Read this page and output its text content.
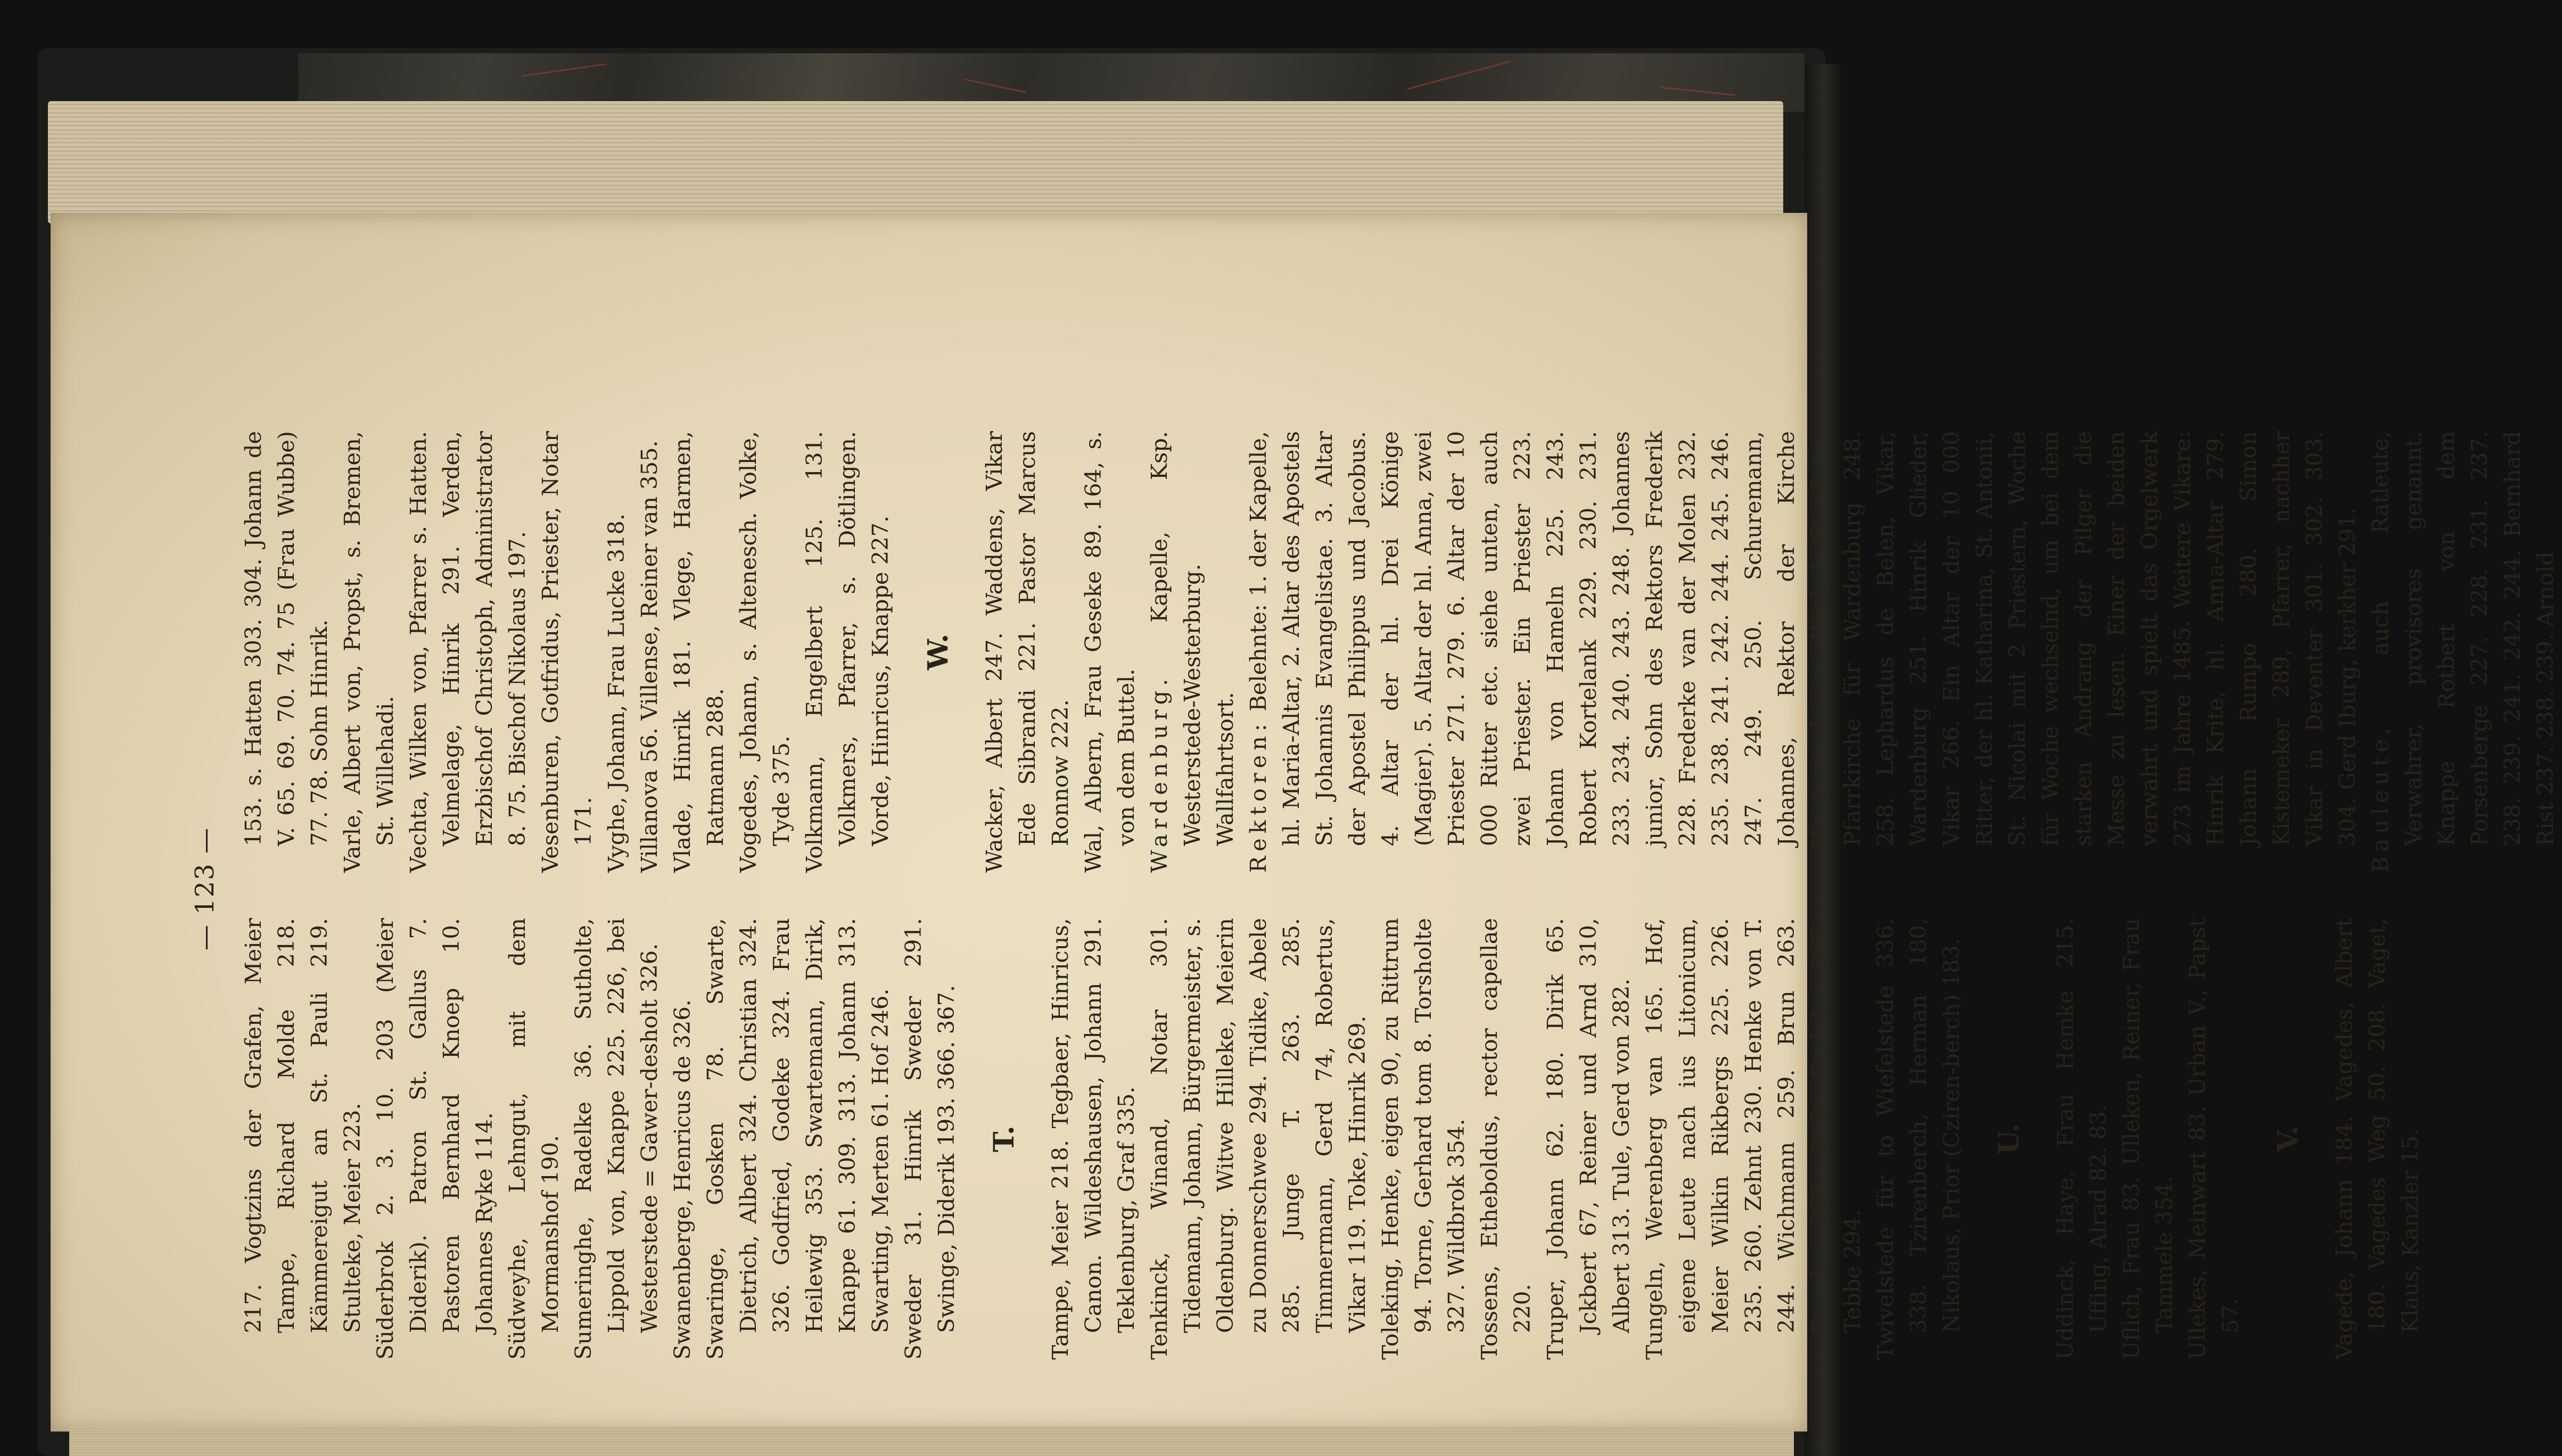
— 123 —

217. Vogtzins der Grafen, Meier Tampe, Richard Molde 218. Kämmereigut an St. Pauli 219. Stulteke, Meier 223. Süderbrok 2. 3. 10. 203 (Meier Diderik). Patron St. Gallus 7. Pastoren Bernhard Knoep 10. Johannes Ryke 114. Südweyhe, Lehngut, mit dem Mormanshof 190. Sumeringhe, Radelke 36. Sutholte, Lippold von, Knappe 225. 226, bei Westerstede = Gawer-desholt 326. Swanenberge, Henricus de 326. Swaringe, Gosken 78. Swarte, Dietrich, Albert 324. Christian 324. 326. Godfried, Godeke 324. Frau Heilewig 353. Swartemann, Dirik, Knappe 61. 309. 313. Johann 313. Swarting, Merten 61. Hof 246. Sweder 31. Hinrik Sweder 291. Swinge, Diderik 193. 366. 367. T. Tampe, Meier 218. Tegbaer, Hinricus, Canon. Wildeshausen, Johann 291. Teklenburg, Graf 335. Tenkinck, Winand, Notar 301. Tidemann, Johann, Bürgermeister, s. Oldenburg. Witwe Hilleke, Meierin zu Donnerschwee 294. Tidike, Abele 285. Junge T. 263. 285. Timmermann, Gerd 74, Robertus, Vikar 119. Toke, Hinrik 269. Toleking, Henke, eigen 90, zu Rittrum 94. Torne, Gerhard tom 8. Torsholte 327. Wildbrok 354. Tossens, Etheboldus, rector capellae 220. Truper, Johann 62. 180. Dirik 65. Jckbert 67, Reiner und Arnd 310, Albert 313. Tule, Gerd von 282. Tungeln, Werenberg van 165. Hof, eigene Leute nach ius Litonicum, Meier Wilkin Rikbergs 225. 226. 235. 260. Zehnt 230. Henke von T. 244. Wichmann 259. Brun 263. Beneke 263. 269. Dodeke 267. Tebbe 294. Twivelstede für to Wiefelstede 336. 338. Tzirenberch, Herman 180, Nikolaus, Prior (Cziren-berch) 183. U. Uddinck, Haye, Frau Hemke 215. Uffing, Alrad 82. 83. Uflich, Frau 83. Ulleken, Reiner, Frau Tammele 354. Ullekes, Meinwart 83. Urban V., Papst 57.

V. Vagede, Johann 184. Vagedes, Albert 180. Vagedes Weg 50. 208. Vaget, Klaus, Kanzler 15.

153. s. Hatten 303. 304. Johann de V. 65. 69. 70. 74. 75 (Frau Wubbe) 77. 78. Sohn Hinrik. Varle, Albert von, Propst, s. Bremen, St. Willehadi. Vechta, Wilken von, Pfarrer s. Hatten. Velmelage, Hinrik 291. Verden, Erzbischof Christoph, Administrator 8. 75. Bischof Nikolaus 197. Vesenburen, Gotfridus, Priester, Notar 171. Vyghe, Johann, Frau Lucke 318. Villanova 56. Villense, Reiner van 355. Vlade, Hinrik 181. Vlege, Harmen, Ratmann 288. Vogedes, Johann, s. Altenesch. Volke, Tyde 375. Volkmann, Engelbert 125. 131. Volkmers, Pfarrer, s. Dötlingen. Vorde, Hinricus, Knappe 227. W. Wacker, Albert 247. Waddens, Vikar Ede Sibrandi 221. Pastor Marcus Ronnow 222. Wal, Albern, Frau Geseke 89. 164, s. von dem Buttel. Wardenburg. Kapelle, Ksp. Westerstede-Westerburg. Wallfahrtsort. Rektoren: Belehnte: 1. der Kapelle, hl. Maria-Altar, 2. Altar des Apostels St. Johannis Evangelistae. 3. Altar der Apostel Philippus und Jacobus. 4. Altar der hl. Drei Könige (Magier). 5. Altar der hl. Anna, zwei Priester 271. 279. 6. Altar der 10 000 Ritter etc. siehe unten, auch zwei Priester. Ein Priester 223. Johann von Hameln 225. 243. Robert Kortelank 229. 230. 231. 233. 234. 240. 243. 248. Johannes junior, Sohn des Rektors Frederik 228. Frederke van der Molen 232. 235. 238. 241. 242. 244. 245. 246. 247. 249. 250. Schuremann, Johannes, Rektor der Kirche Westerstede im Winkel St. Petri, Pfarrkirche für Wardenburg 248. 258. Lephardus de Belen, Vikar, Wardenburg 251. Hinrik Glieder, Vikar 266. Ein Altar der 10 000 Ritter, der hl. Katharina, St. Antonii, St. Nicolai mit 2 Priestern, Woche für Woche wechselnd, um bei dem starken Andrang der Pilger die Messe zu lesen. Einer der beiden verwahrt und spielt das Orgelwerk 273 im Jahre 1485. Weitere Vikare: Hinrik Krite, hl. Anna-Altar 279. Johann Rumpo 280. Simon Kistemeker 289, Pfarrer, nachher Vikar in Deventer 301. 302. 303. 304. Gerd Iburg, kerkher 291. Bauleute, auch Ratleute, Verwahrer, provisores genannt. Knappe Rotbert von dem Porsenberge 227. 228. 231. 237. 238. 239. 241. 242. 244. Bernhard Rist 237. 238. 239. Arnold
